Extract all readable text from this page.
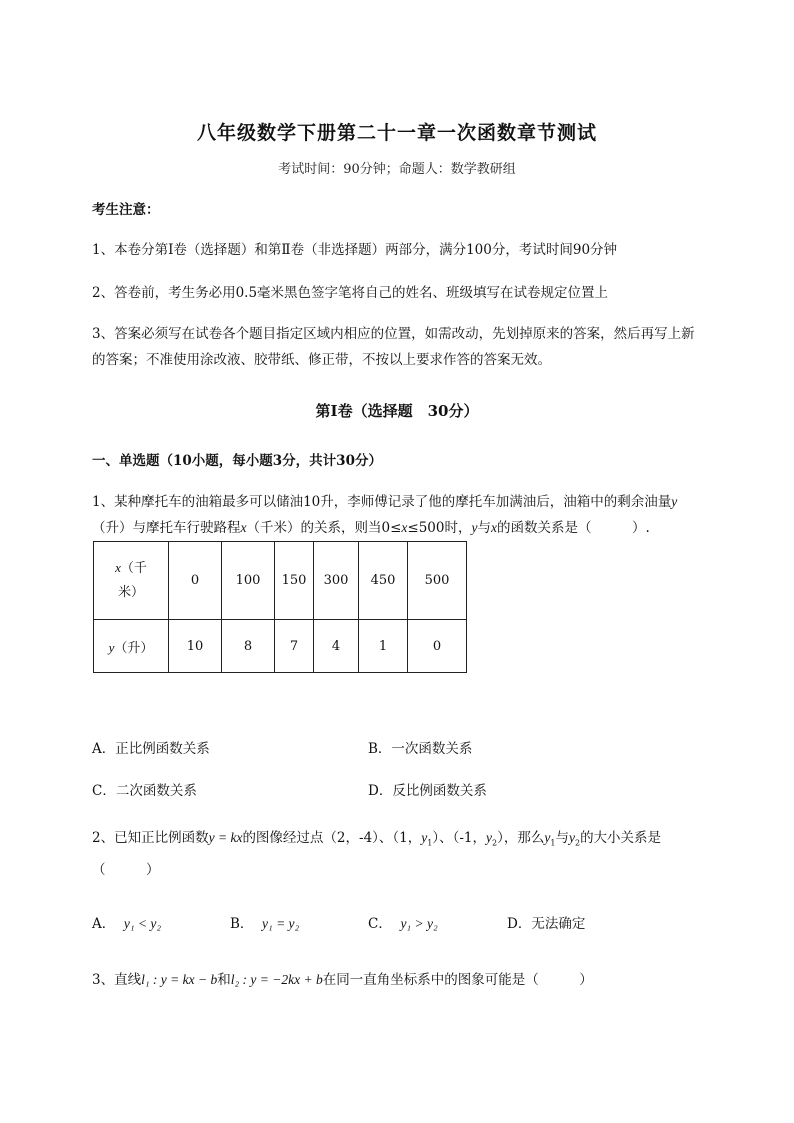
八年级数学下册第二十一章一次函数章节测试
考试时间：90分钟；命题人：数学教研组
考生注意：
1、本卷分第I卷（选择题）和第Ⅱ卷（非选择题）两部分，满分100分，考试时间90分钟
2、答卷前，考生务必用0.5毫米黑色签字笔将自己的姓名、班级填写在试卷规定位置上
3、答案必须写在试卷各个题目指定区域内相应的位置，如需改动，先划掉原来的答案，然后再写上新
的答案；不准使用涂改液、胶带纸、修正带，不按以上要求作答的答案无效。
第I卷（选择题　30分）
一、单选题（10小题，每小题3分，共计30分）
1、某种摩托车的油箱最多可以储油10升，李师傅记录了他的摩托车加满油后，油箱中的剩余油量y
（升）与摩托车行驶路程x（千米）的关系，则当0≤x≤500时，y与x的函数关系是（　　　）.
x（千
米）	0	100	150	300	450	500
y（升）	10	8	7	4	1	0
A．正比例函数关系	B．一次函数关系
C．二次函数关系	D．反比例函数关系
2、已知正比例函数y = kx的图像经过点（2，-4）、（1，$y_1$）、（-1，$y_2$），那么$y_1$与$y_2$的大小关系是
（　　　）
A． y₁ < y₂	B． y₁ = y₂	C． y₁ > y₂	D．无法确定
3、直线l₁ : y = kx − b和l₂ : y = −2kx + b在同一直角坐标系中的图象可能是（　　　）
